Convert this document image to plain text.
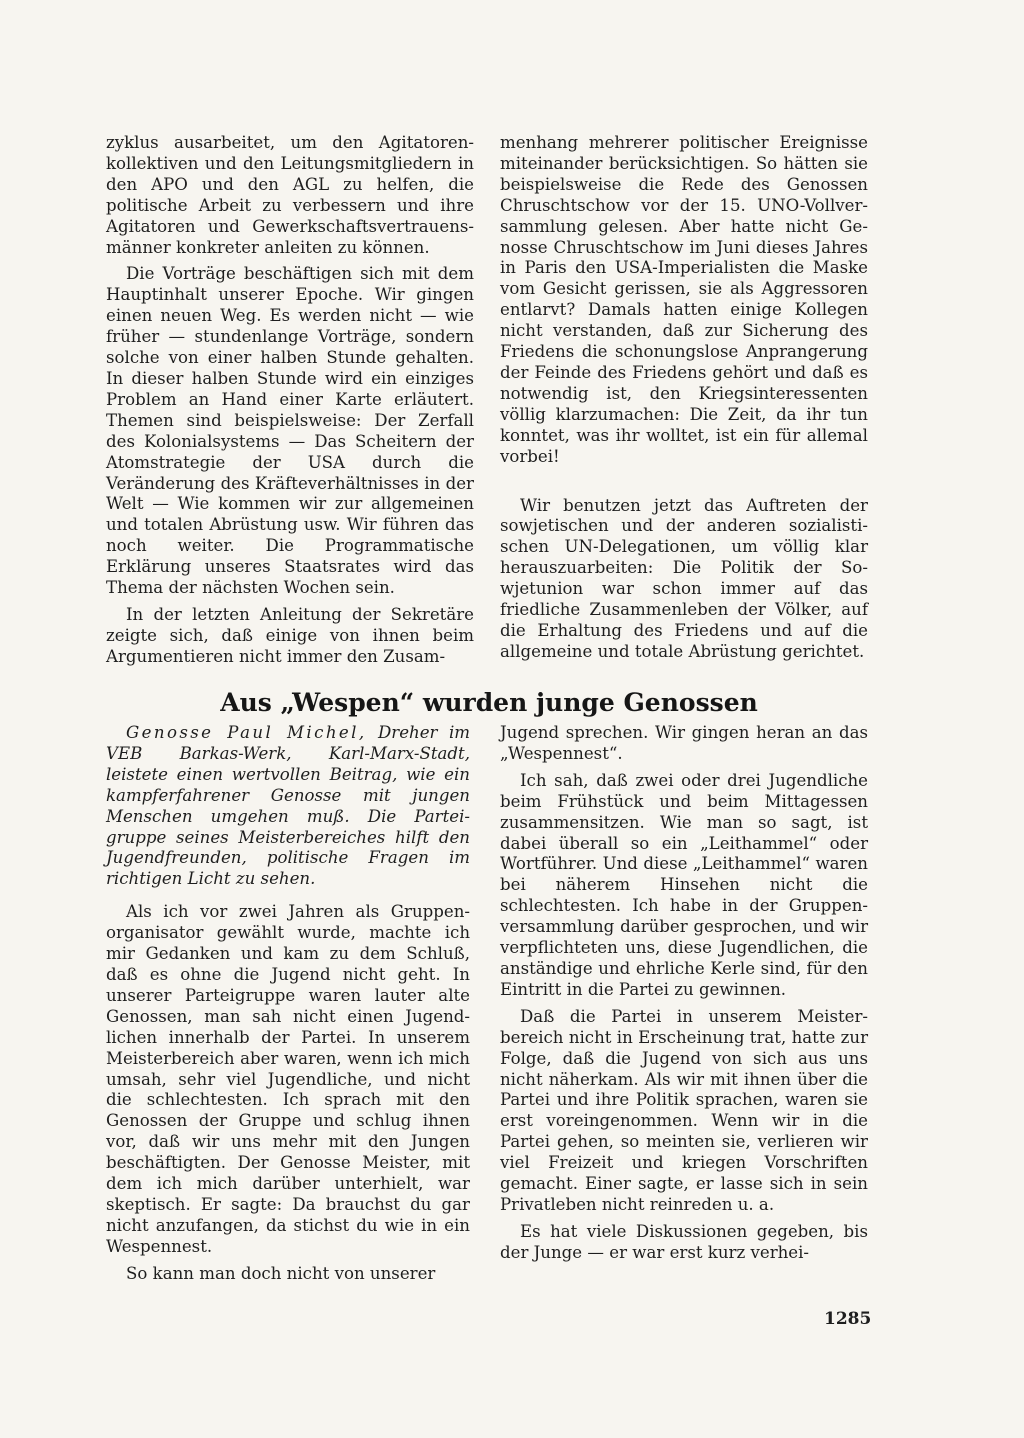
zyklus ausarbeitet, um den Agitatorenkollektiven und den Leitungsmitgliedern in den APO und den AGL zu helfen, die politische Arbeit zu verbessern und ihre Agitatoren und Gewerkschaftsvertrauensmänner konkreter anleiten zu können.

Die Vorträge beschäftigen sich mit dem Hauptinhalt unserer Epoche. Wir gingen einen neuen Weg. Es werden nicht — wie früher — stundenlange Vorträge, sondern solche von einer halben Stunde gehalten. In dieser halben Stunde wird ein einziges Problem an Hand einer Karte erläutert. Themen sind beispielsweise: Der Zerfall des Kolonialsystems — Das Scheitern der Atomstrategie der USA durch die Veränderung des Kräfteverhältnisses in der Welt — Wie kommen wir zur allgemeinen und totalen Abrüstung usw. Wir führen das noch weiter. Die Programmatische Erklärung unseres Staatsrates wird das Thema der nächsten Wochen sein.

In der letzten Anleitung der Sekretäre zeigte sich, daß einige von ihnen beim Argumentieren nicht immer den Zusam-

menhang mehrerer politischer Ereignisse miteinander berücksichtigen. So hätten sie beispielsweise die Rede des Genossen Chruschtschow vor der 15. UNO-Vollversammlung gelesen. Aber hatte nicht Genosse Chruschtschow im Juni dieses Jahres in Paris den USA-Imperialisten die Maske vom Gesicht gerissen, sie als Aggressoren entlarvt? Damals hatten einige Kollegen nicht verstanden, daß zur Sicherung des Friedens die schonungslose Anprangerung der Feinde des Friedens gehört und daß es notwendig ist, den Kriegsinteressenten völlig klarzumachen: Die Zeit, da ihr tun konntet, was ihr wolltet, ist ein für allemal vorbei!

Wir benutzen jetzt das Auftreten der sowjetischen und der anderen sozialistischen UN-Delegationen, um völlig klar herauszuarbeiten: Die Politik der Sowjetunion war schon immer auf das friedliche Zusammenleben der Völker, auf die Erhaltung des Friedens und auf die allgemeine und totale Abrüstung gerichtet.

Aus „Wespen“ wurden junge Genossen

Genosse Paul Michel, Dreher im VEB Barkas-Werk, Karl-Marx-Stadt, leistete einen wertvollen Beitrag, wie ein kampferfahrener Genosse mit jungen Menschen umgehen muß. Die Parteigruppe seines Meisterbereiches hilft den Jugendfreunden, politische Fragen im richtigen Licht zu sehen.

Als ich vor zwei Jahren als Gruppenorganisator gewählt wurde, machte ich mir Gedanken und kam zu dem Schluß, daß es ohne die Jugend nicht geht. In unserer Parteigruppe waren lauter alte Genossen, man sah nicht einen Jugendlichen innerhalb der Partei. In unserem Meisterbereich aber waren, wenn ich mich umsah, sehr viel Jugendliche, und nicht die schlechtesten. Ich sprach mit den Genossen der Gruppe und schlug ihnen vor, daß wir uns mehr mit den Jungen beschäftigten. Der Genosse Meister, mit dem ich mich darüber unterhielt, war skeptisch. Er sagte: Da brauchst du gar nicht anzufangen, da stichst du wie in ein Wespennest.

So kann man doch nicht von unserer

Jugend sprechen. Wir gingen heran an das „Wespennest“.

Ich sah, daß zwei oder drei Jugendliche beim Frühstück und beim Mittagessen zusammensitzen. Wie man so sagt, ist dabei überall so ein „Leithammel“ oder Wortführer. Und diese „Leithammel“ waren bei näherem Hinsehen nicht die schlechtesten. Ich habe in der Gruppenversammlung darüber gesprochen, und wir verpflichteten uns, diese Jugendlichen, die anständige und ehrliche Kerle sind, für den Eintritt in die Partei zu gewinnen.

Daß die Partei in unserem Meisterbereich nicht in Erscheinung trat, hatte zur Folge, daß die Jugend von sich aus uns nicht näherkam. Als wir mit ihnen über die Partei und ihre Politik sprachen, waren sie erst voreingenommen. Wenn wir in die Partei gehen, so meinten sie, verlieren wir viel Freizeit und kriegen Vorschriften gemacht. Einer sagte, er lasse sich in sein Privatleben nicht reinreden u. a.

Es hat viele Diskussionen gegeben, bis der Junge — er war erst kurz verhei-

1285
